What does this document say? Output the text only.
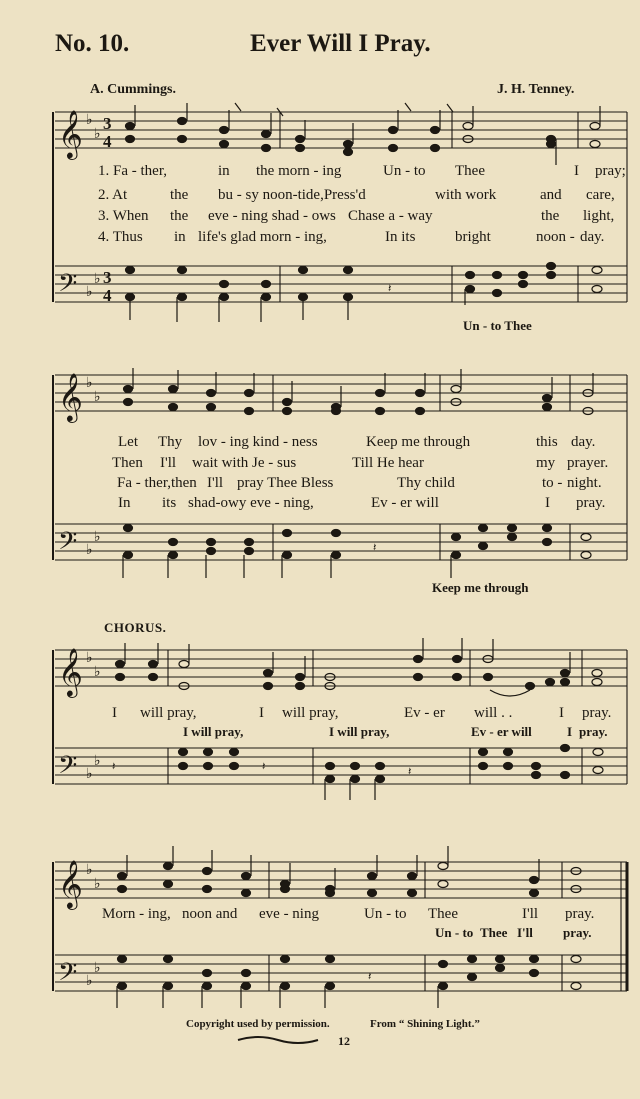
No. 10.	Ever Will I Pray.
A. Cummings.	J. H. Tenney.
𝄞
𝄢
𝄞
𝄢
𝄞
𝄢
𝄞
𝄢
♭
♭
♭
♭
♭
♭
♭
♭
♭
♭
♭
♭
♭
♭
♭
♭
3
4
3
4	𝄽
𝄽
𝄽	𝄽	𝄽
𝄽
1. Fa - ther,	in the morn - ing	Un - to Thee	I pray;
2. At	the bu - sy noon-tide,Press'd	with work	and care,
3. When the eve - ning shad - ows Chase a - way	the light,
4. Thus in life's glad morn - ing,	In its	bright	noon - day.
Un - to Thee
Let Thy lov - ing kind - ness	Keep me through	this day.
Then I'll wait with Je - sus	Till He hear	my prayer.
Fa - ther,then I'll pray Thee Bless	Thy child	to - night.
In its shad-owy eve - ning,	Ev - er will	I pray.
Keep me through
CHORUS.
I will pray,	I will pray,	Ev - er will . .	I pray.
I will pray,	I will pray,	Ev - er will	I pray.
Morn - ing, noon and eve - ning	Un - to Thee	I'll pray.
Un - to Thee I'll pray.
Copyright used by permission.	From “ Shining Light.”
12
